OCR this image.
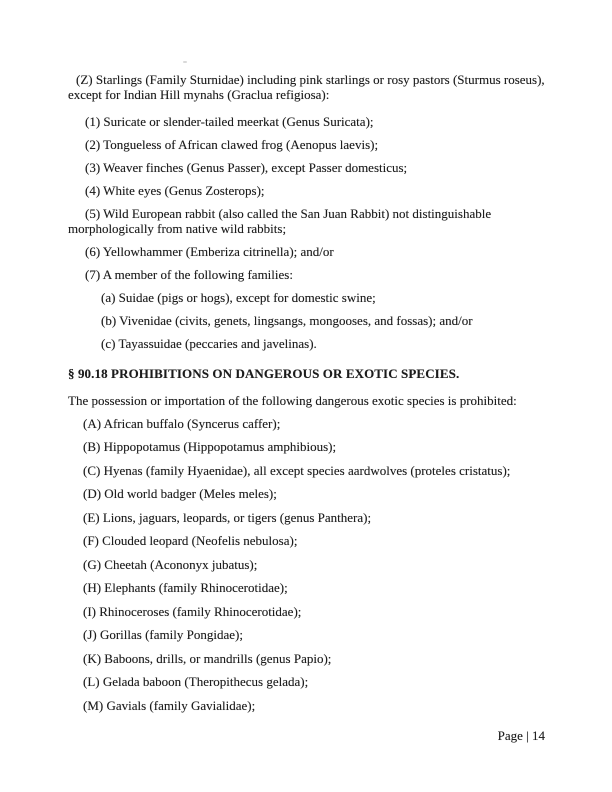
(Z) Starlings (Family Sturnidae) including pink starlings or rosy pastors (Sturmus roseus), except for Indian Hill mynahs (Graclua refigiosa):

(1) Suricate or slender-tailed meerkat (Genus Suricata);

(2) Tongueless of African clawed frog (Aenopus laevis);

(3) Weaver finches (Genus Passer), except Passer domesticus;

(4) White eyes (Genus Zosterops);

(5) Wild European rabbit (also called the San Juan Rabbit) not distinguishable morphologically from native wild rabbits;

(6) Yellowhammer (Emberiza citrinella); and/or

(7) A member of the following families:

(a) Suidae (pigs or hogs), except for domestic swine;

(b) Vivenidae (civits, genets, lingsangs, mongooses, and fossas); and/or

(c) Tayassuidae (peccaries and javelinas).

§ 90.18 PROHIBITIONS ON DANGEROUS OR EXOTIC SPECIES.

The possession or importation of the following dangerous exotic species is prohibited:

(A) African buffalo (Syncerus caffer);

(B) Hippopotamus (Hippopotamus amphibious);

(C) Hyenas (family Hyaenidae), all except species aardwolves (proteles cristatus);

(D) Old world badger (Meles meles);

(E) Lions, jaguars, leopards, or tigers (genus Panthera);

(F) Clouded leopard (Neofelis nebulosa);

(G) Cheetah (Acononyx jubatus);

(H) Elephants (family Rhinocerotidae);

(I) Rhinoceroses (family Rhinocerotidae);

(J) Gorillas (family Pongidae);

(K) Baboons, drills, or mandrills (genus Papio);

(L) Gelada baboon (Theropithecus gelada);

(M) Gavials (family Gavialidae);

Page | 14
